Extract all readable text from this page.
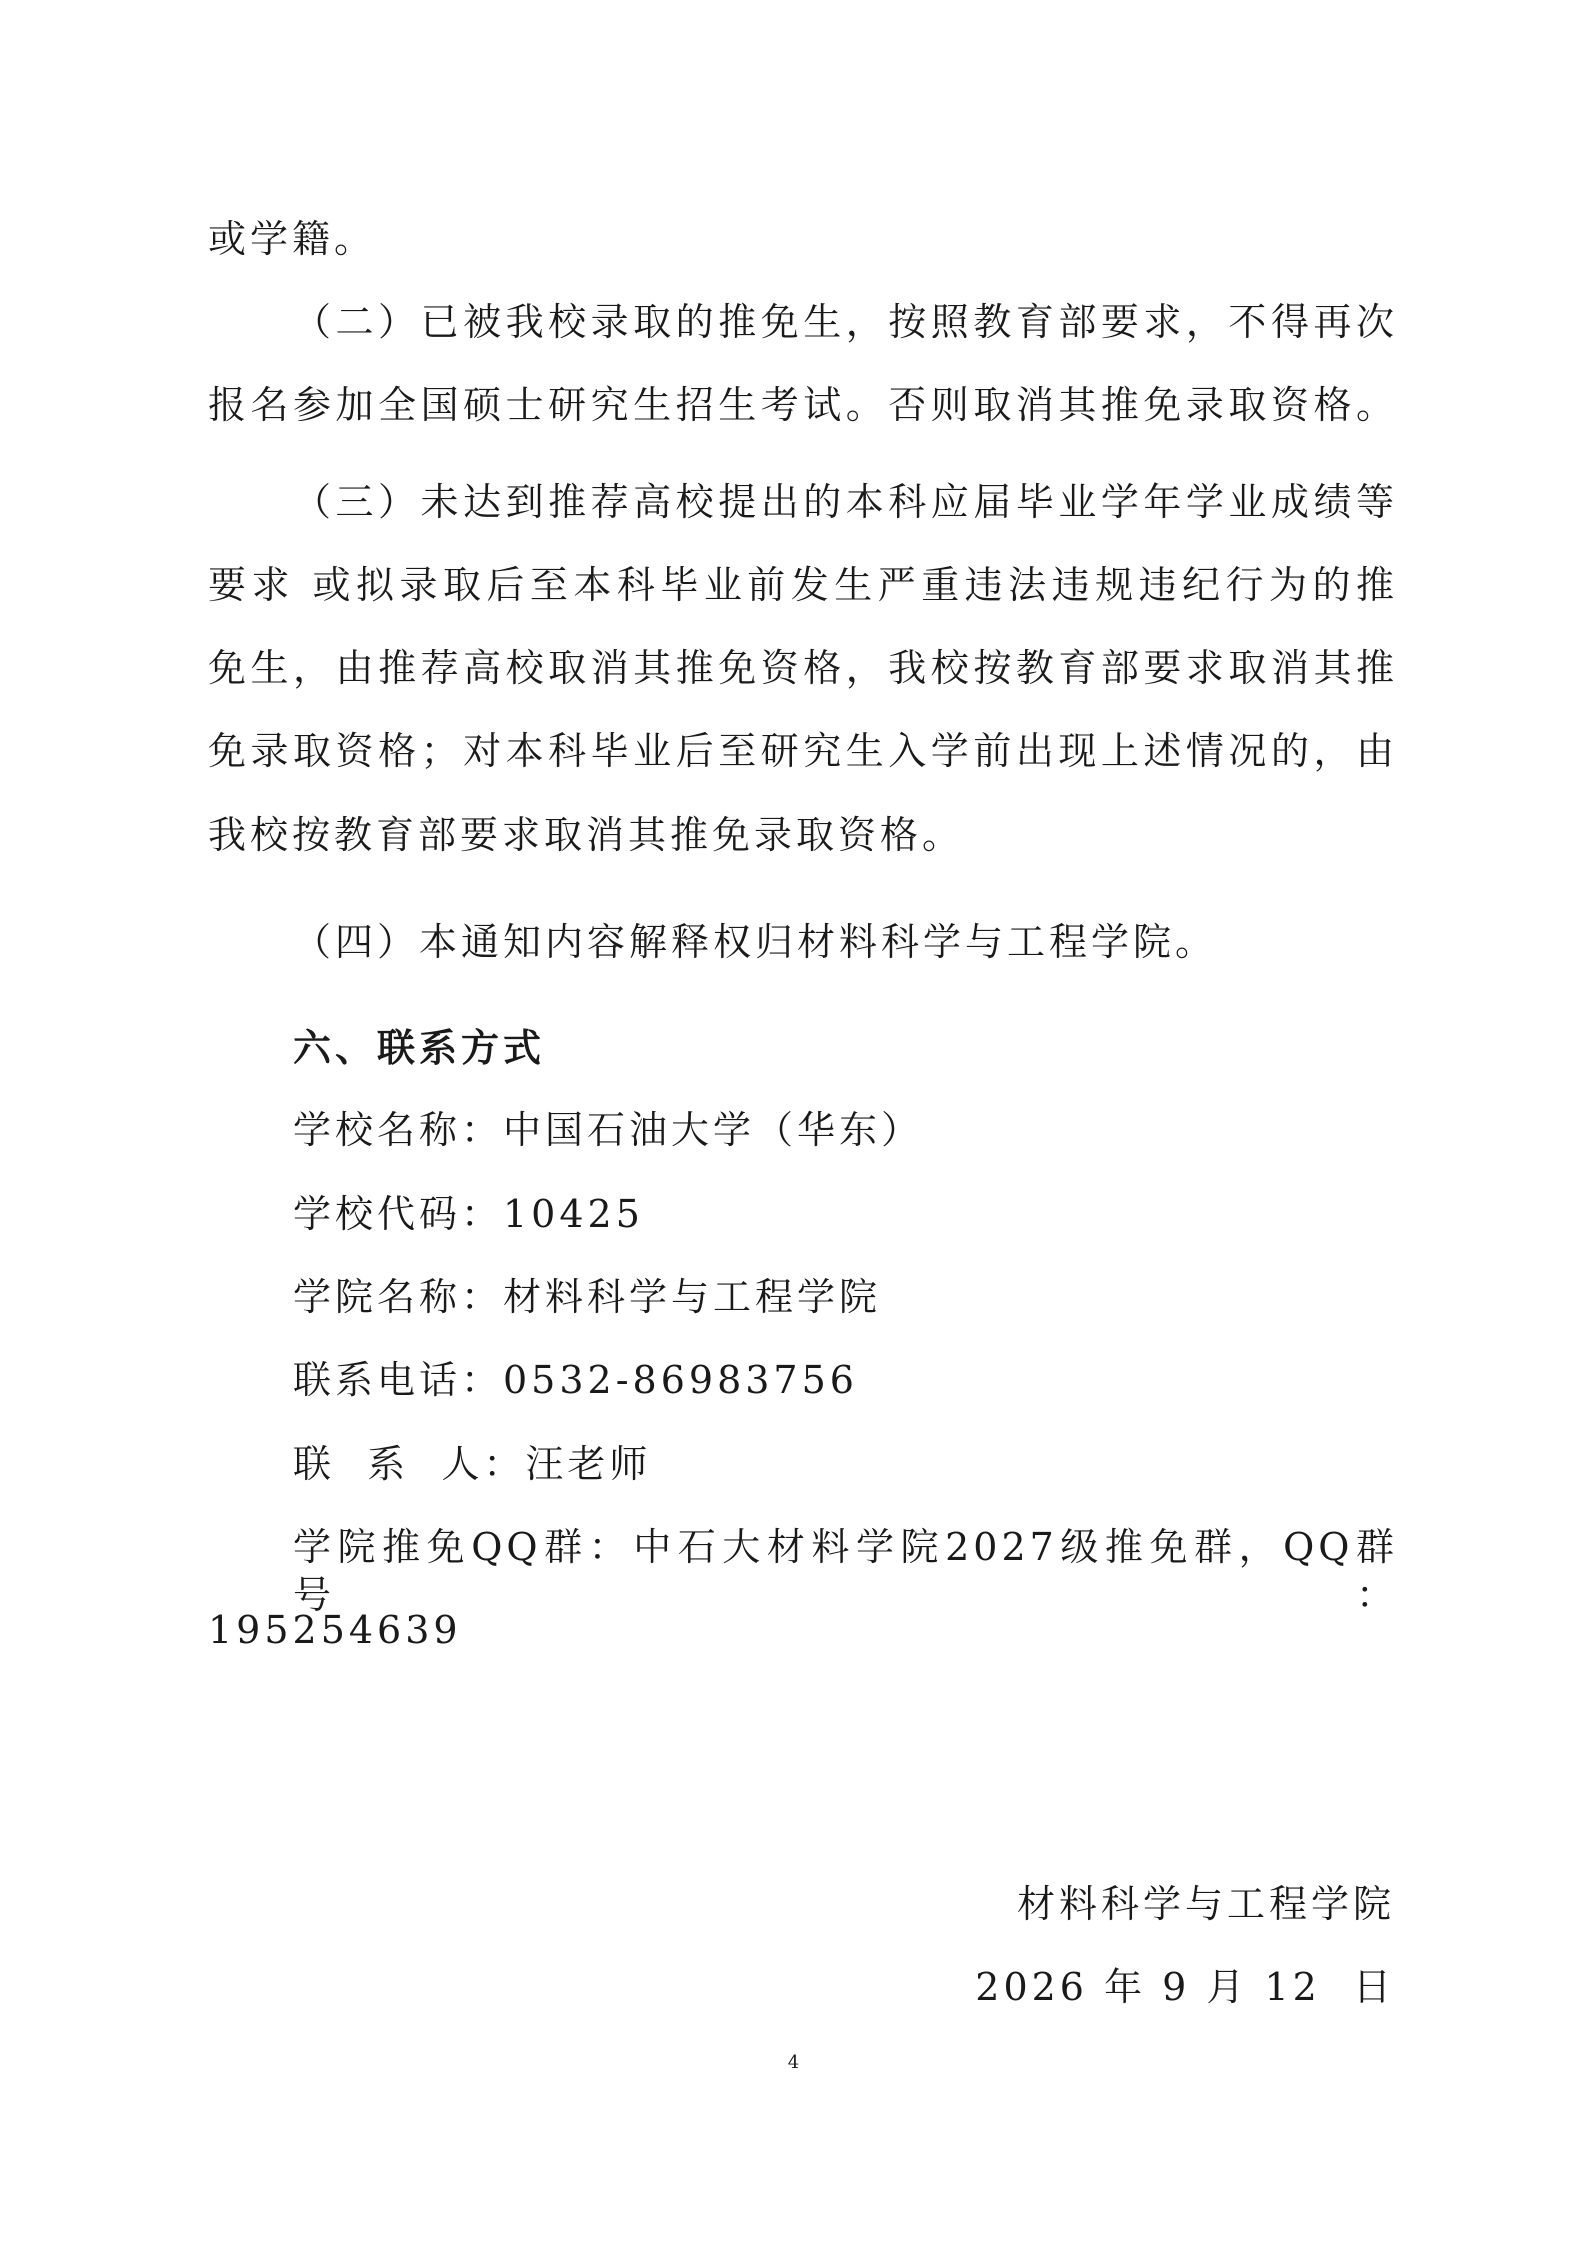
或学籍。
（二）已被我校录取的推免生，按照教育部要求，不得再次
报名参加全国硕士研究生招生考试。否则取消其推免录取资格。
（三）未达到推荐高校提出的本科应届毕业学年学业成绩等
要求 或拟录取后至本科毕业前发生严重违法违规违纪行为的推
免生，由推荐高校取消其推免资格，我校按教育部要求取消其推
免录取资格；对本科毕业后至研究生入学前出现上述情况的，由
我校按教育部要求取消其推免录取资格。
（四）本通知内容解释权归材料科学与工程学院。
六、联系方式
学校名称：中国石油大学（华东）
学校代码：10425
学院名称：材料科学与工程学院
联系电话：0532-86983756
联  系  人：汪老师
学院推免QQ群：中石大材料学院2027级推免群，QQ群号：
195254639
材料科学与工程学院
2026 年 9 月 12  日
4
